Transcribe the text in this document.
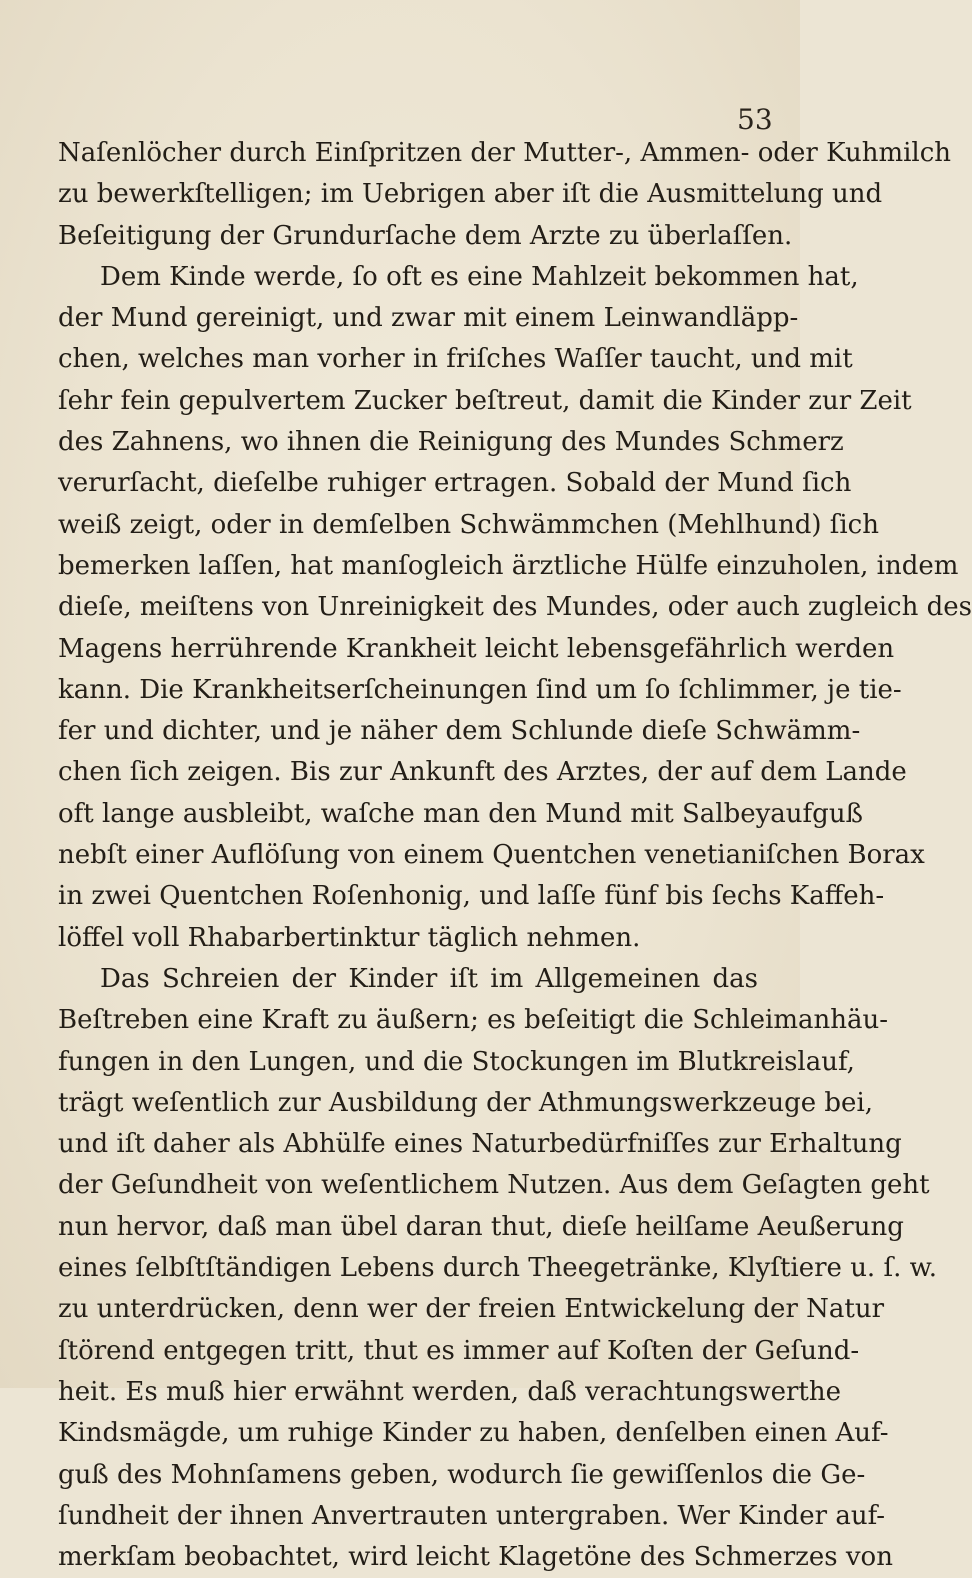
53
Naſenlöcher durch Einſpritzen der Mutter-, Ammen- oder Kuhmilch
zu bewerkſtelligen; im Uebrigen aber iſt die Ausmittelung und
Beſeitigung der Grundurſache dem Arzte zu überlaſſen.
Dem Kinde werde, ſo oft es eine Mahlzeit bekommen hat,
der Mund gereinigt, und zwar mit einem Leinwandläpp-
chen, welches man vorher in friſches Waſſer taucht, und mit
ſehr fein gepulvertem Zucker beſtreut, damit die Kinder zur Zeit
des Zahnens, wo ihnen die Reinigung des Mundes Schmerz
verurſacht, dieſelbe ruhiger ertragen. Sobald der Mund ſich
weiß zeigt, oder in demſelben Schwämmchen (Mehlhund) ſich
bemerken laſſen, hat manſogleich ärztliche Hülfe einzuholen, indem
dieſe, meiſtens von Unreinigkeit des Mundes, oder auch zugleich des
Magens herrührende Krankheit leicht lebensgefährlich werden
kann. Die Krankheitserſcheinungen ſind um ſo ſchlimmer, je tie-
fer und dichter, und je näher dem Schlunde dieſe Schwämm-
chen ſich zeigen. Bis zur Ankunft des Arztes, der auf dem Lande
oft lange ausbleibt, waſche man den Mund mit Salbeyaufguß
nebſt einer Auflöſung von einem Quentchen venetianiſchen Borax
in zwei Quentchen Roſenhonig, und laſſe fünf bis ſechs Kaffeh-
löffel voll Rhabarbertinktur täglich nehmen.
Das Schreien der Kinder iſt im Allgemeinen das
Beſtreben eine Kraft zu äußern; es beſeitigt die Schleimanhäu-
fungen in den Lungen, und die Stockungen im Blutkreislauf,
trägt weſentlich zur Ausbildung der Athmungswerkzeuge bei,
und iſt daher als Abhülfe eines Naturbedürfniſſes zur Erhaltung
der Geſundheit von weſentlichem Nutzen. Aus dem Geſagten geht
nun hervor, daß man übel daran thut, dieſe heilſame Aeußerung
eines ſelbſtſtändigen Lebens durch Theegetränke, Klyſtiere u. ſ. w.
zu unterdrücken, denn wer der freien Entwickelung der Natur
ſtörend entgegen tritt, thut es immer auf Koſten der Geſund-
heit. Es muß hier erwähnt werden, daß verachtungswerthe
Kindsmägde, um ruhige Kinder zu haben, denſelben einen Auf-
guß des Mohnſamens geben, wodurch ſie gewiſſenlos die Ge-
ſundheit der ihnen Anvertrauten untergraben. Wer Kinder auf-
merkſam beobachtet, wird leicht Klagetöne des Schmerzes von
